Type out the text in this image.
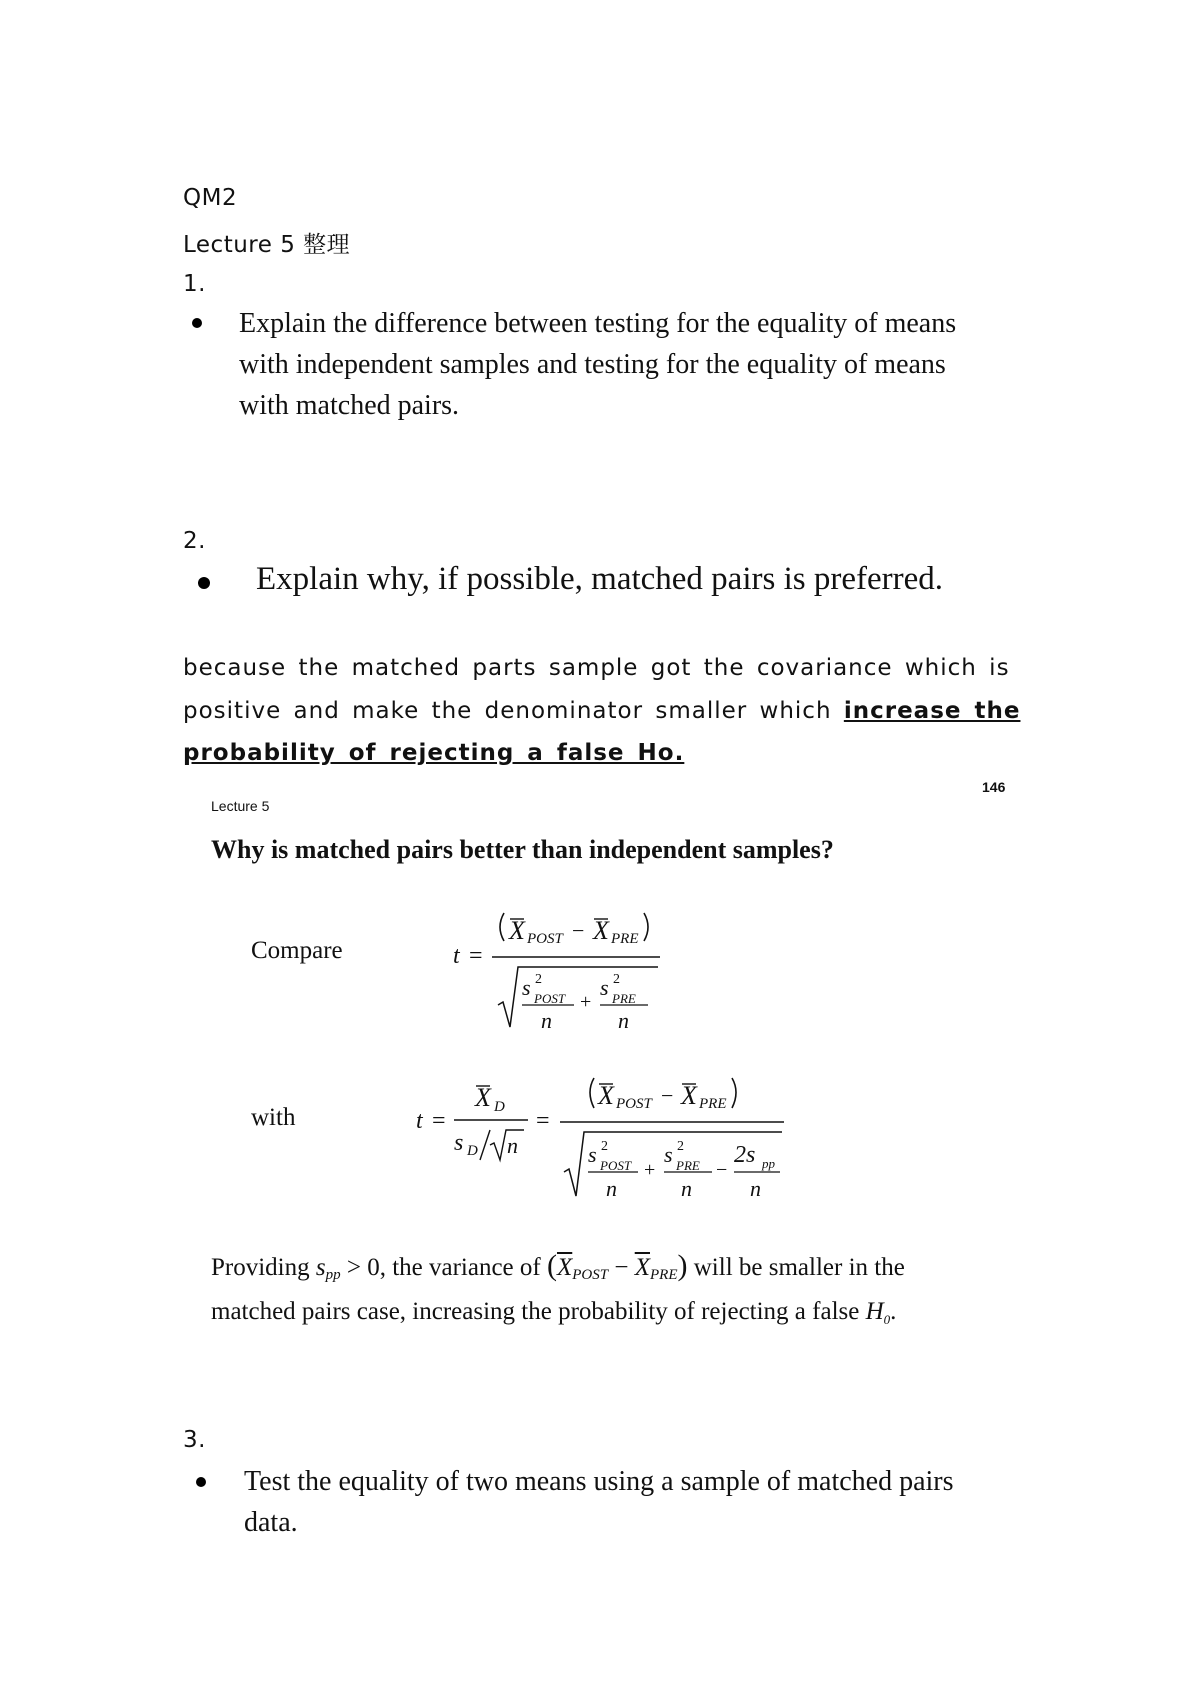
QM2
Lecture 5 整理
1.
Explain the difference between testing for the equality of means
with independent samples and testing for the equality of means
with matched pairs.
2.
Explain why, if possible, matched pairs is preferred.
because the matched parts sample got the covariance which is
positive and make the denominator smaller which increase the
probability of rejecting a false Ho.
Lecture 5
146
Why is matched pairs better than independent samples?
Compare	t =
X POST − X PRE
s 2
POST
n
+
s 2
PRE
n
with	t =
X D
s D n
=
X POST − X PRE
s 2
POST
n
+
s 2
PRE
n
−
2s pp
n
Providing spp > 0, the variance of $(\overline{X}POST - \overline{X}PRE)$ will be smaller in the
matched pairs case, increasing the probability of rejecting a false $H_0$.
3.
Test the equality of two means using a sample of matched pairs
data.
